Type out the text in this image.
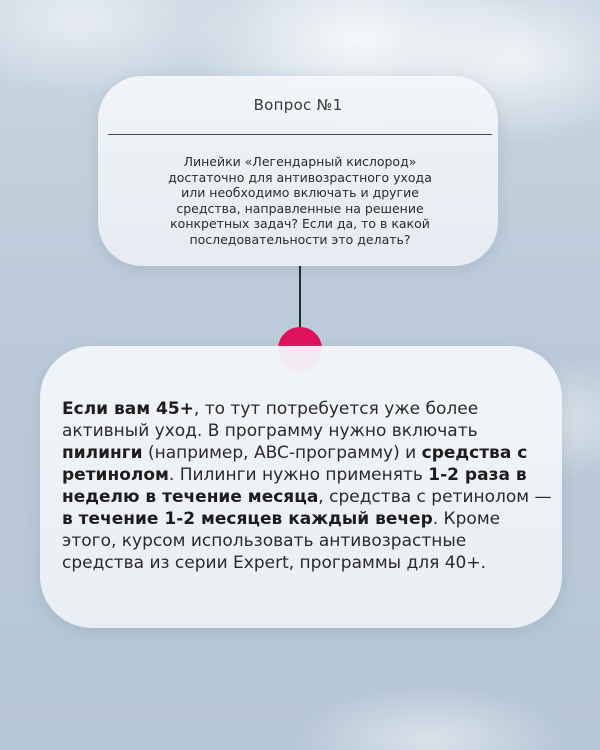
Вопрос №1
Линейки «Легендарный кислород»
достаточно для антивозрастного ухода
или необходимо включать и другие
средства, направленные на решение
конкретных задач? Если да, то в какой
последовательности это делать?
Если вам 45+, то тут потребуется уже более активный уход. В программу нужно включать пилинги (например, ABC-программу) и средства с ретинолом. Пилинги нужно применять 1-2 раза в неделю в течение месяца, средства с ретинолом — в течение 1-2 месяцев каждый вечер. Кроме этого, курсом использовать антивозрастные средства из серии Expert, программы для 40+.
